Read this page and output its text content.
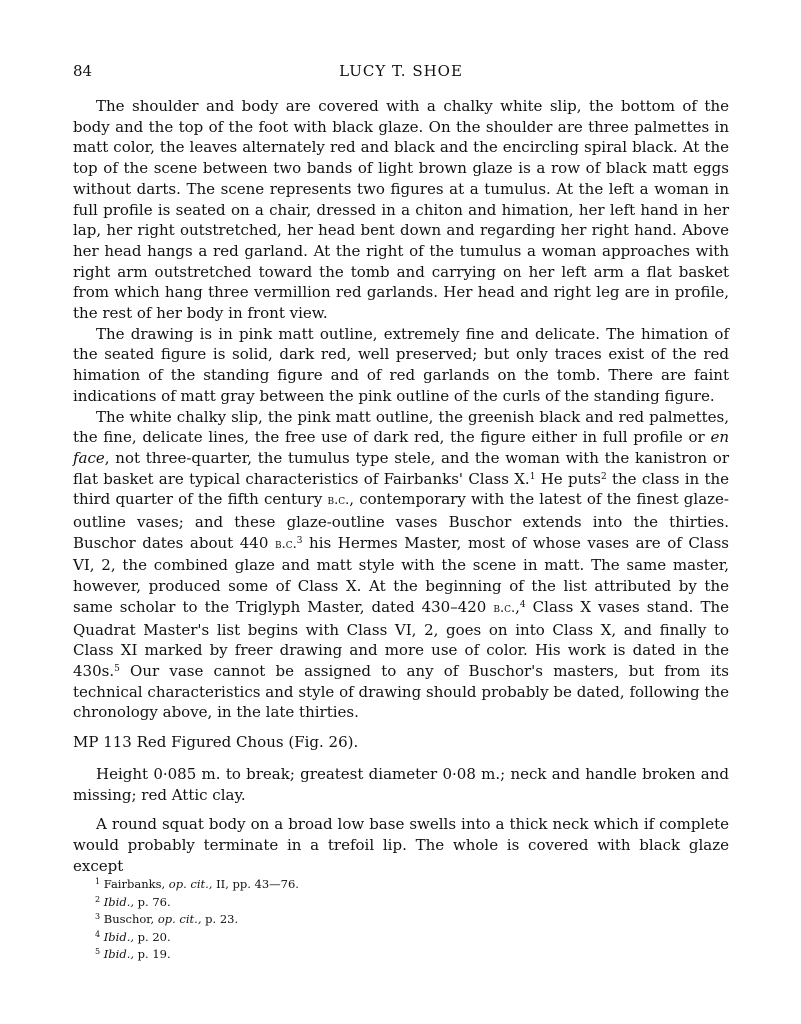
84	LUCY T. SHOE

The shoulder and body are covered with a chalky white slip, the bottom of the body and the top of the foot with black glaze. On the shoulder are three palmettes in matt color, the leaves alternately red and black and the encircling spiral black. At the top of the scene between two bands of light brown glaze is a row of black matt eggs without darts. The scene represents two figures at a tumulus. At the left a woman in full profile is seated on a chair, dressed in a chiton and himation, her left hand in her lap, her right outstretched, her head bent down and regarding her right hand. Above her head hangs a red garland. At the right of the tumulus a woman approaches with right arm outstretched toward the tomb and carrying on her left arm a flat basket from which hang three vermillion red garlands. Her head and right leg are in profile, the rest of her body in front view.

The drawing is in pink matt outline, extremely fine and delicate. The himation of the seated figure is solid, dark red, well preserved; but only traces exist of the red himation of the standing figure and of red garlands on the tomb. There are faint indications of matt gray between the pink outline of the curls of the standing figure.

The white chalky slip, the pink matt outline, the greenish black and red palmettes, the fine, delicate lines, the free use of dark red, the figure either in full profile or en face, not three-quarter, the tumulus type stele, and the woman with the kanistron or flat basket are typical characteristics of Fairbanks' Class X.$^1$ He puts$^2$ the class in the third quarter of the fifth century b.c., contemporary with the latest of the finest glaze-outline vases; and these glaze-outline vases Buschor extends into the thirties. Buschor dates about 440 b.c.$^3$ his Hermes Master, most of whose vases are of Class VI, 2, the combined glaze and matt style with the scene in matt. The same master, however, produced some of Class X. At the beginning of the list attributed by the same scholar to the Triglyph Master, dated 430–420 b.c.,$^4$ Class X vases stand. The Quadrat Master's list begins with Class VI, 2, goes on into Class X, and finally to Class XI marked by freer drawing and more use of color. His work is dated in the 430s.$^5$ Our vase cannot be assigned to any of Buschor's masters, but from its technical characteristics and style of drawing should probably be dated, following the chronology above, in the late thirties.

MP 113 Red Figured Chous (Fig. 26).

Height 0·085 m. to break; greatest diameter 0·08 m.; neck and handle broken and missing; red Attic clay.

A round squat body on a broad low base swells into a thick neck which if complete would probably terminate in a trefoil lip. The whole is covered with black glaze except

$^1$ Fairbanks, op. cit., II, pp. 43—76.

$^2$ Ibid., p. 76.

$^3$ Buschor, op. cit., p. 23.

$^4$ Ibid., p. 20.

$^5$ Ibid., p. 19.
